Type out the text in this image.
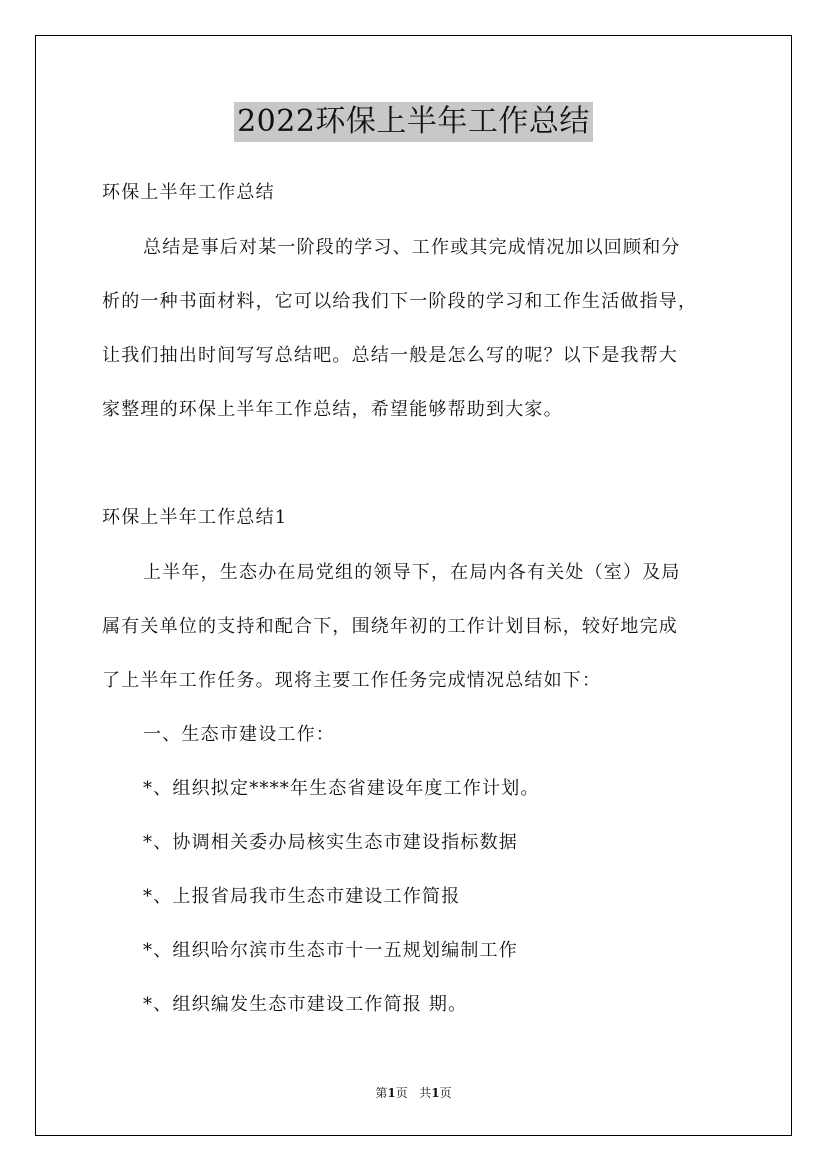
2022环保上半年工作总结
环保上半年工作总结
总结是事后对某一阶段的学习、工作或其完成情况加以回顾和分
析的一种书面材料，它可以给我们下一阶段的学习和工作生活做指导，
让我们抽出时间写写总结吧。总结一般是怎么写的呢？以下是我帮大
家整理的环保上半年工作总结，希望能够帮助到大家。
环保上半年工作总结1
上半年，生态办在局党组的领导下，在局内各有关处（室）及局
属有关单位的支持和配合下，围绕年初的工作计划目标，较好地完成
了上半年工作任务。现将主要工作任务完成情况总结如下：
一、生态市建设工作：
*、组织拟定****年生态省建设年度工作计划。
*、协调相关委办局核实生态市建设指标数据
*、上报省局我市生态市建设工作简报
*、组织哈尔滨市生态市十一五规划编制工作
*、组织编发生态市建设工作简报 期。
第1页   共1页
